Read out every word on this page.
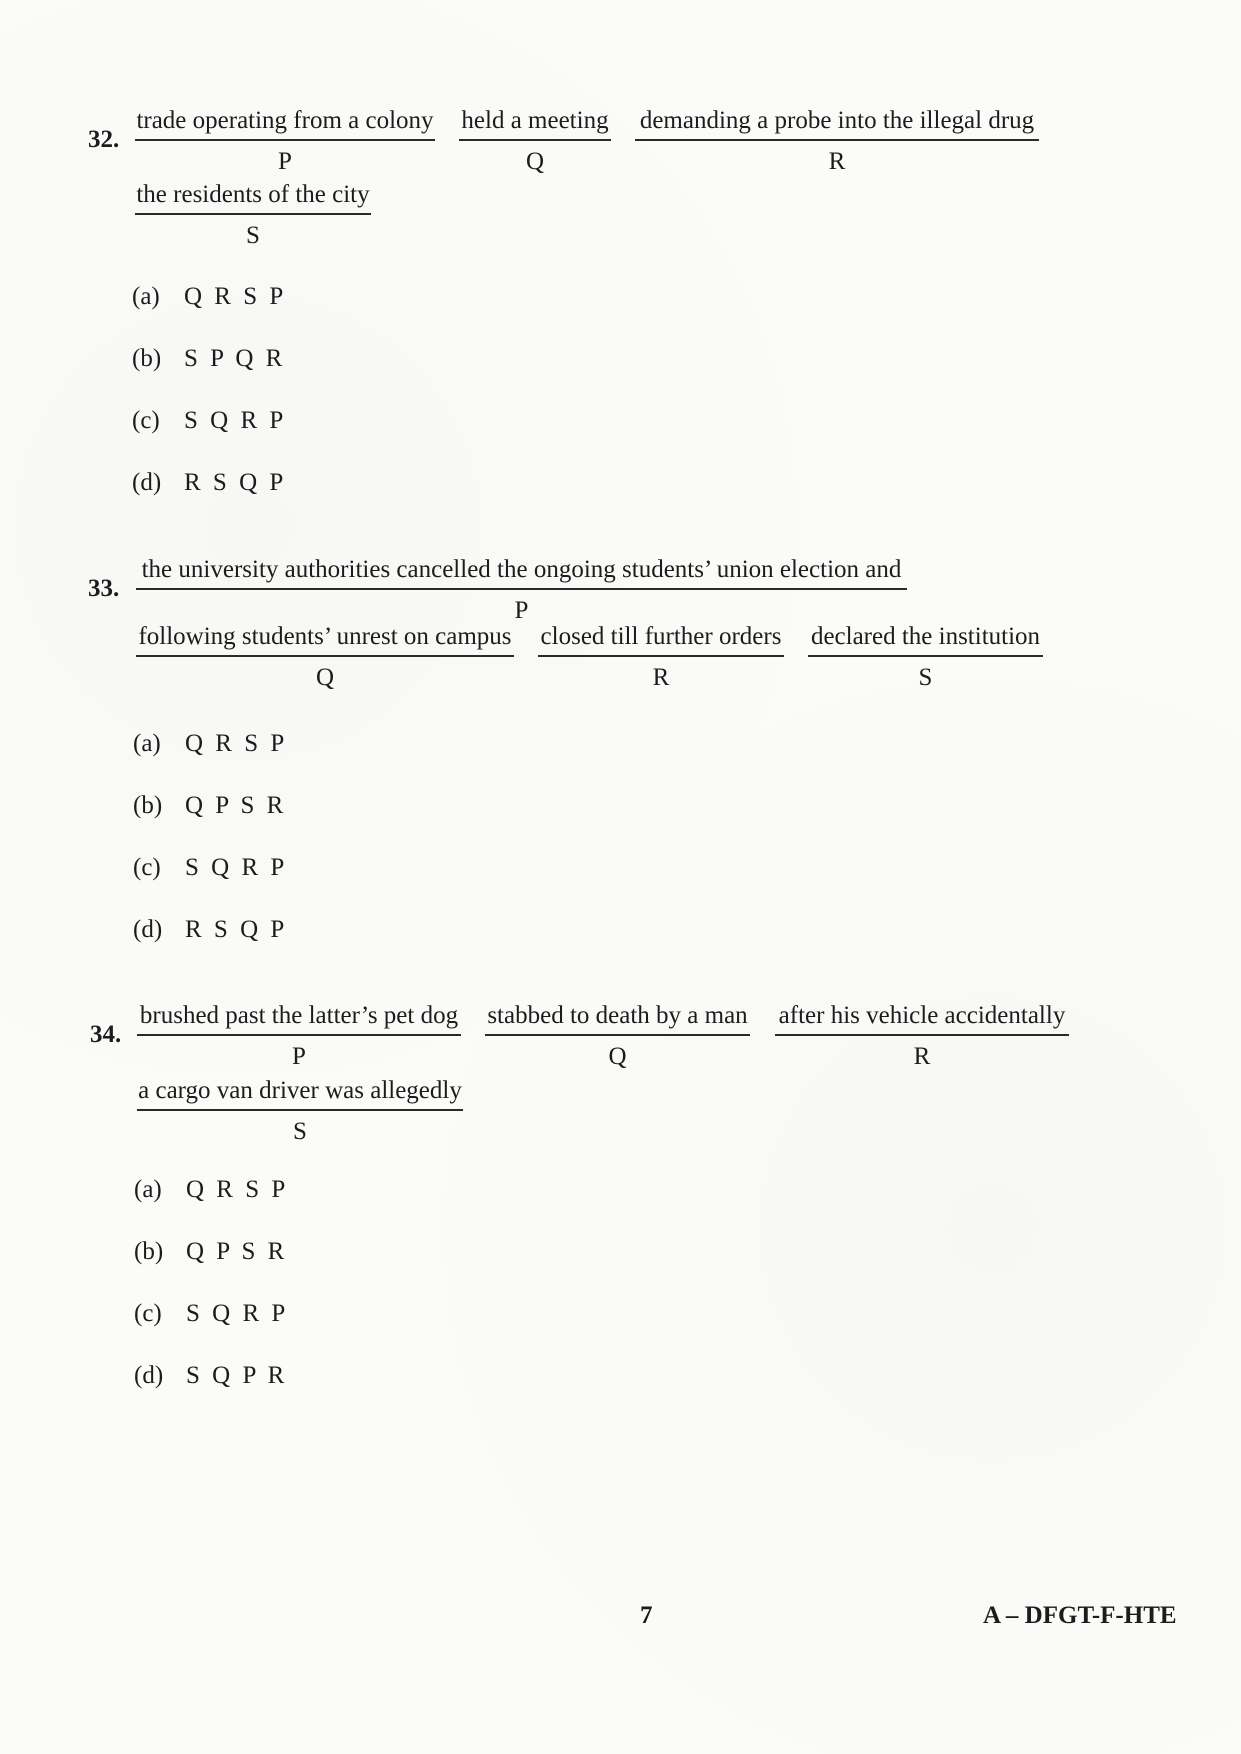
32.
trade operating from a colony
P
held a meeting
Q
demanding a probe into the illegal drug
R
the residents of the city
S
(a) Q R S P
(b) S P Q R
(c) S Q R P
(d) R S Q P
33.
the university authorities cancelled the ongoing students’ union election and
P
following students’ unrest on campus
Q
closed till further orders
R
declared the institution
S
(a) Q R S P
(b) Q P S R
(c) S Q R P
(d) R S Q P
34.
brushed past the latter’s pet dog
P
stabbed to death by a man
Q
after his vehicle accidentally
R
a cargo van driver was allegedly
S
(a) Q R S P
(b) Q P S R
(c) S Q R P
(d) S Q P R
7	A – DFGT-F-HTE
